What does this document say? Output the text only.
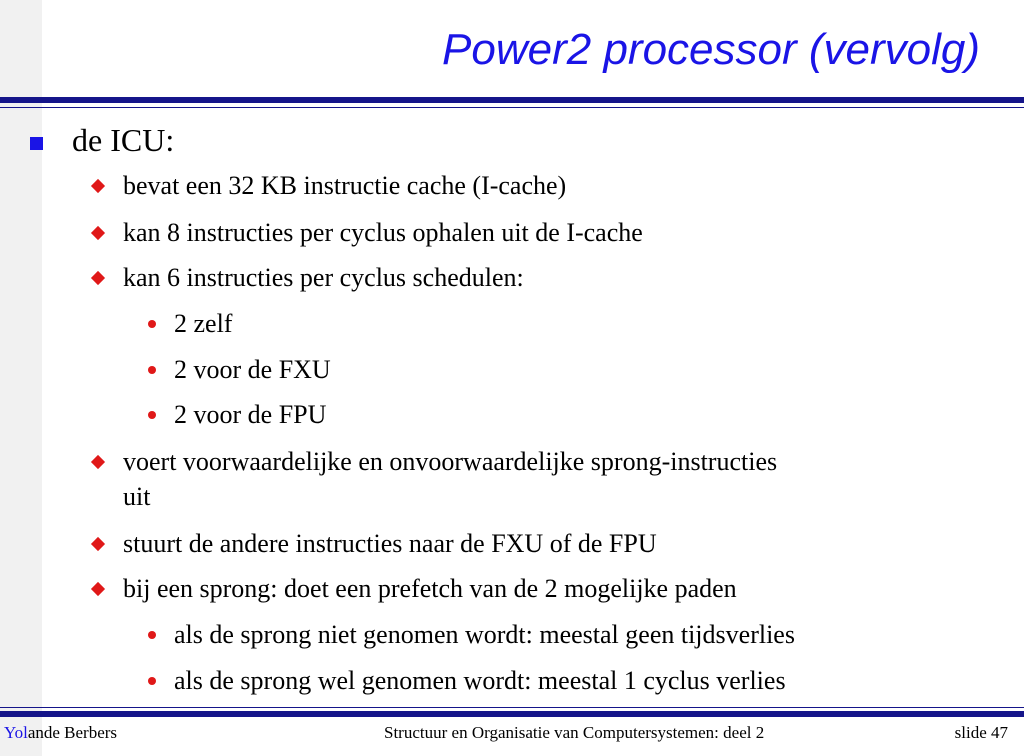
Power2 processor (vervolg)
de ICU:
bevat een 32 KB instructie cache (I-cache)
kan 8 instructies per cyclus ophalen uit de I-cache
kan 6 instructies per cyclus schedulen:
2 zelf
2 voor de FXU
2 voor de FPU
voert voorwaardelijke en onvoorwaardelijke sprong-instructies
uit
stuurt de andere instructies naar de FXU of de FPU
bij een sprong: doet een prefetch van de 2 mogelijke paden
als de sprong niet genomen wordt: meestal geen tijdsverlies
als de sprong wel genomen wordt: meestal 1 cyclus verlies
Yolande Berbers	Structuur en Organisatie van Computersystemen: deel 2	slide 47
